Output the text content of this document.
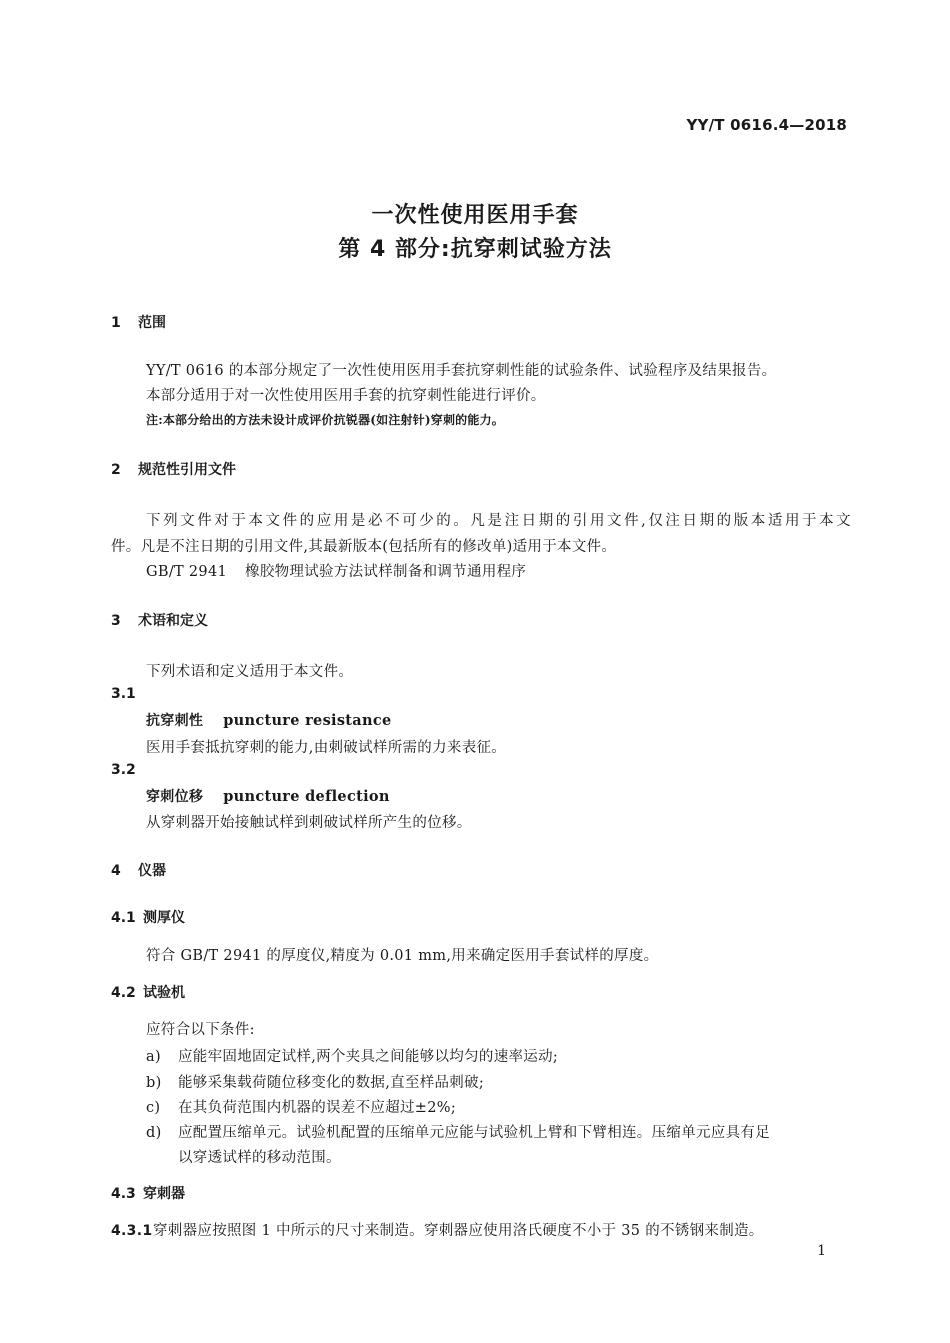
YY/T 0616.4—2018
一次性使用医用手套
第 4 部分:抗穿刺试验方法
1 范围
YY/T 0616 的本部分规定了一次性使用医用手套抗穿刺性能的试验条件、试验程序及结果报告。
本部分适用于对一次性使用医用手套的抗穿刺性能进行评价。
注:本部分给出的方法未设计成评价抗锐器(如注射针)穿刺的能力。
2 规范性引用文件
下列文件对于本文件的应用是必不可少的。凡是注日期的引用文件,仅注日期的版本适用于本文
件。凡是不注日期的引用文件,其最新版本(包括所有的修改单)适用于本文件。
GB/T 2941 橡胶物理试验方法试样制备和调节通用程序
3 术语和定义
下列术语和定义适用于本文件。
3.1
抗穿刺性 puncture resistance
医用手套抵抗穿刺的能力,由刺破试样所需的力来表征。
3.2
穿刺位移 puncture deflection
从穿刺器开始接触试样到刺破试样所产生的位移。
4 仪器
4.1 测厚仪
符合 GB/T 2941 的厚度仪,精度为 0.01 mm,用来确定医用手套试样的厚度。
4.2 试验机
应符合以下条件:
a) 应能牢固地固定试样,两个夹具之间能够以均匀的速率运动;
b) 能够采集载荷随位移变化的数据,直至样品刺破;
c) 在其负荷范围内机器的误差不应超过±2%;
d) 应配置压缩单元。试验机配置的压缩单元应能与试验机上臂和下臂相连。压缩单元应具有足
以穿透试样的移动范围。
4.3 穿刺器
4.3.1穿刺器应按照图 1 中所示的尺寸来制造。穿刺器应使用洛氏硬度不小于 35 的不锈钢来制造。
1
